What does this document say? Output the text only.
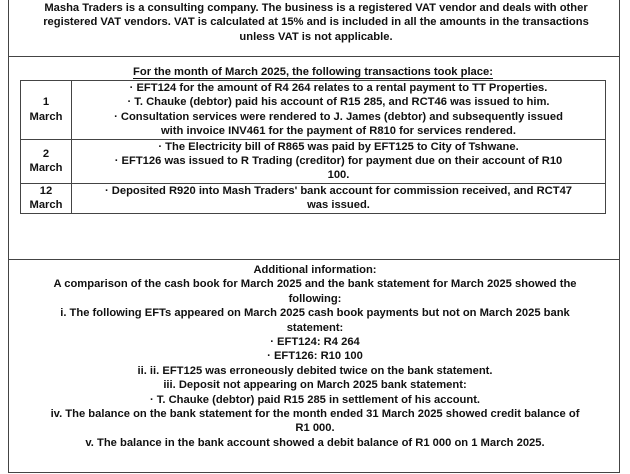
Masha Traders is a consulting company. The business is a registered VAT vendor and deals with other

registered VAT vendors. VAT is calculated at 15% and is included in all the amounts in the transactions

unless VAT is not applicable.

For the month of March 2025, the following transactions took place:
1
March	· EFT124 for the amount of R4 264 relates to a rental payment to TT Properties.
· T. Chauke (debtor) paid his account of R15 285, and RCT46 was issued to him.
· Consultation services were rendered to J. James (debtor) and subsequently issued
with invoice INV461 for the payment of R810 for services rendered.

2
March	· The Electricity bill of R865 was paid by EFT125 to City of Tshwane.
· EFT126 was issued to R Trading (creditor) for payment due on their account of R10
100.

12
March	· Deposited R920 into Mash Traders' bank account for commission received, and RCT47
was issued.
Additional information:
A comparison of the cash book for March 2025 and the bank statement for March 2025 showed the
following:
i. The following EFTs appeared on March 2025 cash book payments but not on March 2025 bank
statement:
· EFT124: R4 264
· EFT126: R10 100
ii. ii. EFT125 was erroneously debited twice on the bank statement.
iii. Deposit not appearing on March 2025 bank statement:
· T. Chauke (debtor) paid R15 285 in settlement of his account.
iv. The balance on the bank statement for the month ended 31 March 2025 showed credit balance of
R1 000.
v. The balance in the bank account showed a debit balance of R1 000 on 1 March 2025.
